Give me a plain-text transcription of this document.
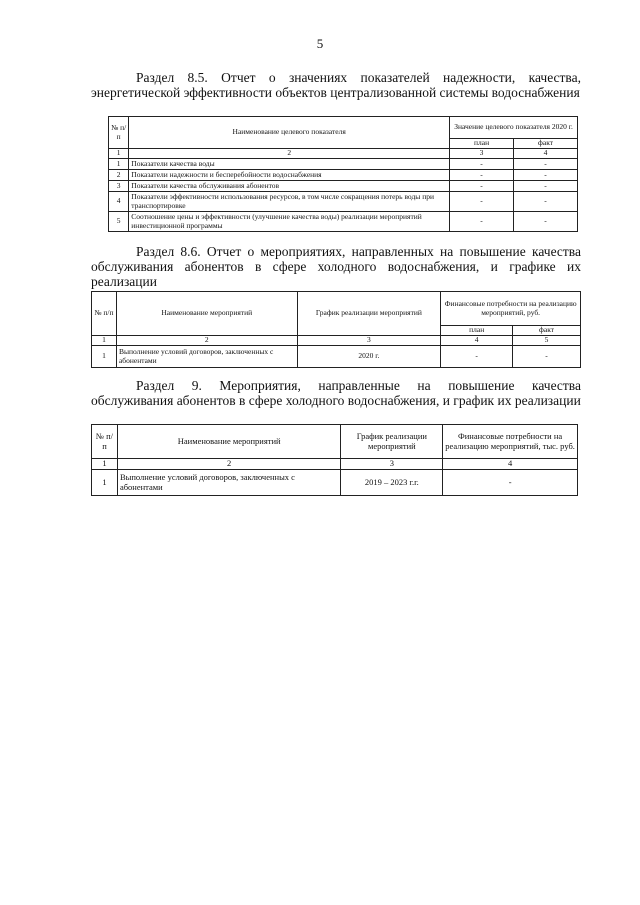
5
Раздел 8.5. Отчет о значениях показателей надежности, качества, энергетической эффективности объектов централизованной системы водоснабжения
№ п/п	Наименование целевого показателя	Значение целевого показателя 2020 г.	
		план	факт
1	2	3	4
1	Показатели качества воды	-	-
2	Показатели надежности и бесперебойности водоснабжения	-	-
3	Показатели качества обслуживания абонентов	-	-
4	Показатели эффективности использования ресурсов, в том числе сокращения потерь воды при транспортировке	-	-
5	Соотношение цены и эффективности (улучшение качества воды) реализации мероприятий инвестиционной программы	-	-
Раздел 8.6. Отчет о мероприятиях, направленных на повышение качества обслуживания абонентов в сфере холодного водоснабжения, и графике их реализации
№ п/п	Наименование мероприятий	График реализации мероприятий	Финансовые потребности на реализацию мероприятий, руб.	
			план	факт
1	2	3	4	5
1	Выполнение условий договоров, заключенных с абонентами	2020 г.	-	-
Раздел 9. Мероприятия, направленные на повышение качества обслуживания абонентов в сфере холодного водоснабжения, и график их реализации
№ п/п	Наименование мероприятий	График реализации мероприятий	Финансовые потребности на реализацию мероприятий, тыс. руб.
1	2	3	4
1	Выполнение условий договоров, заключенных с абонентами	2019 – 2023 г.г.	-
